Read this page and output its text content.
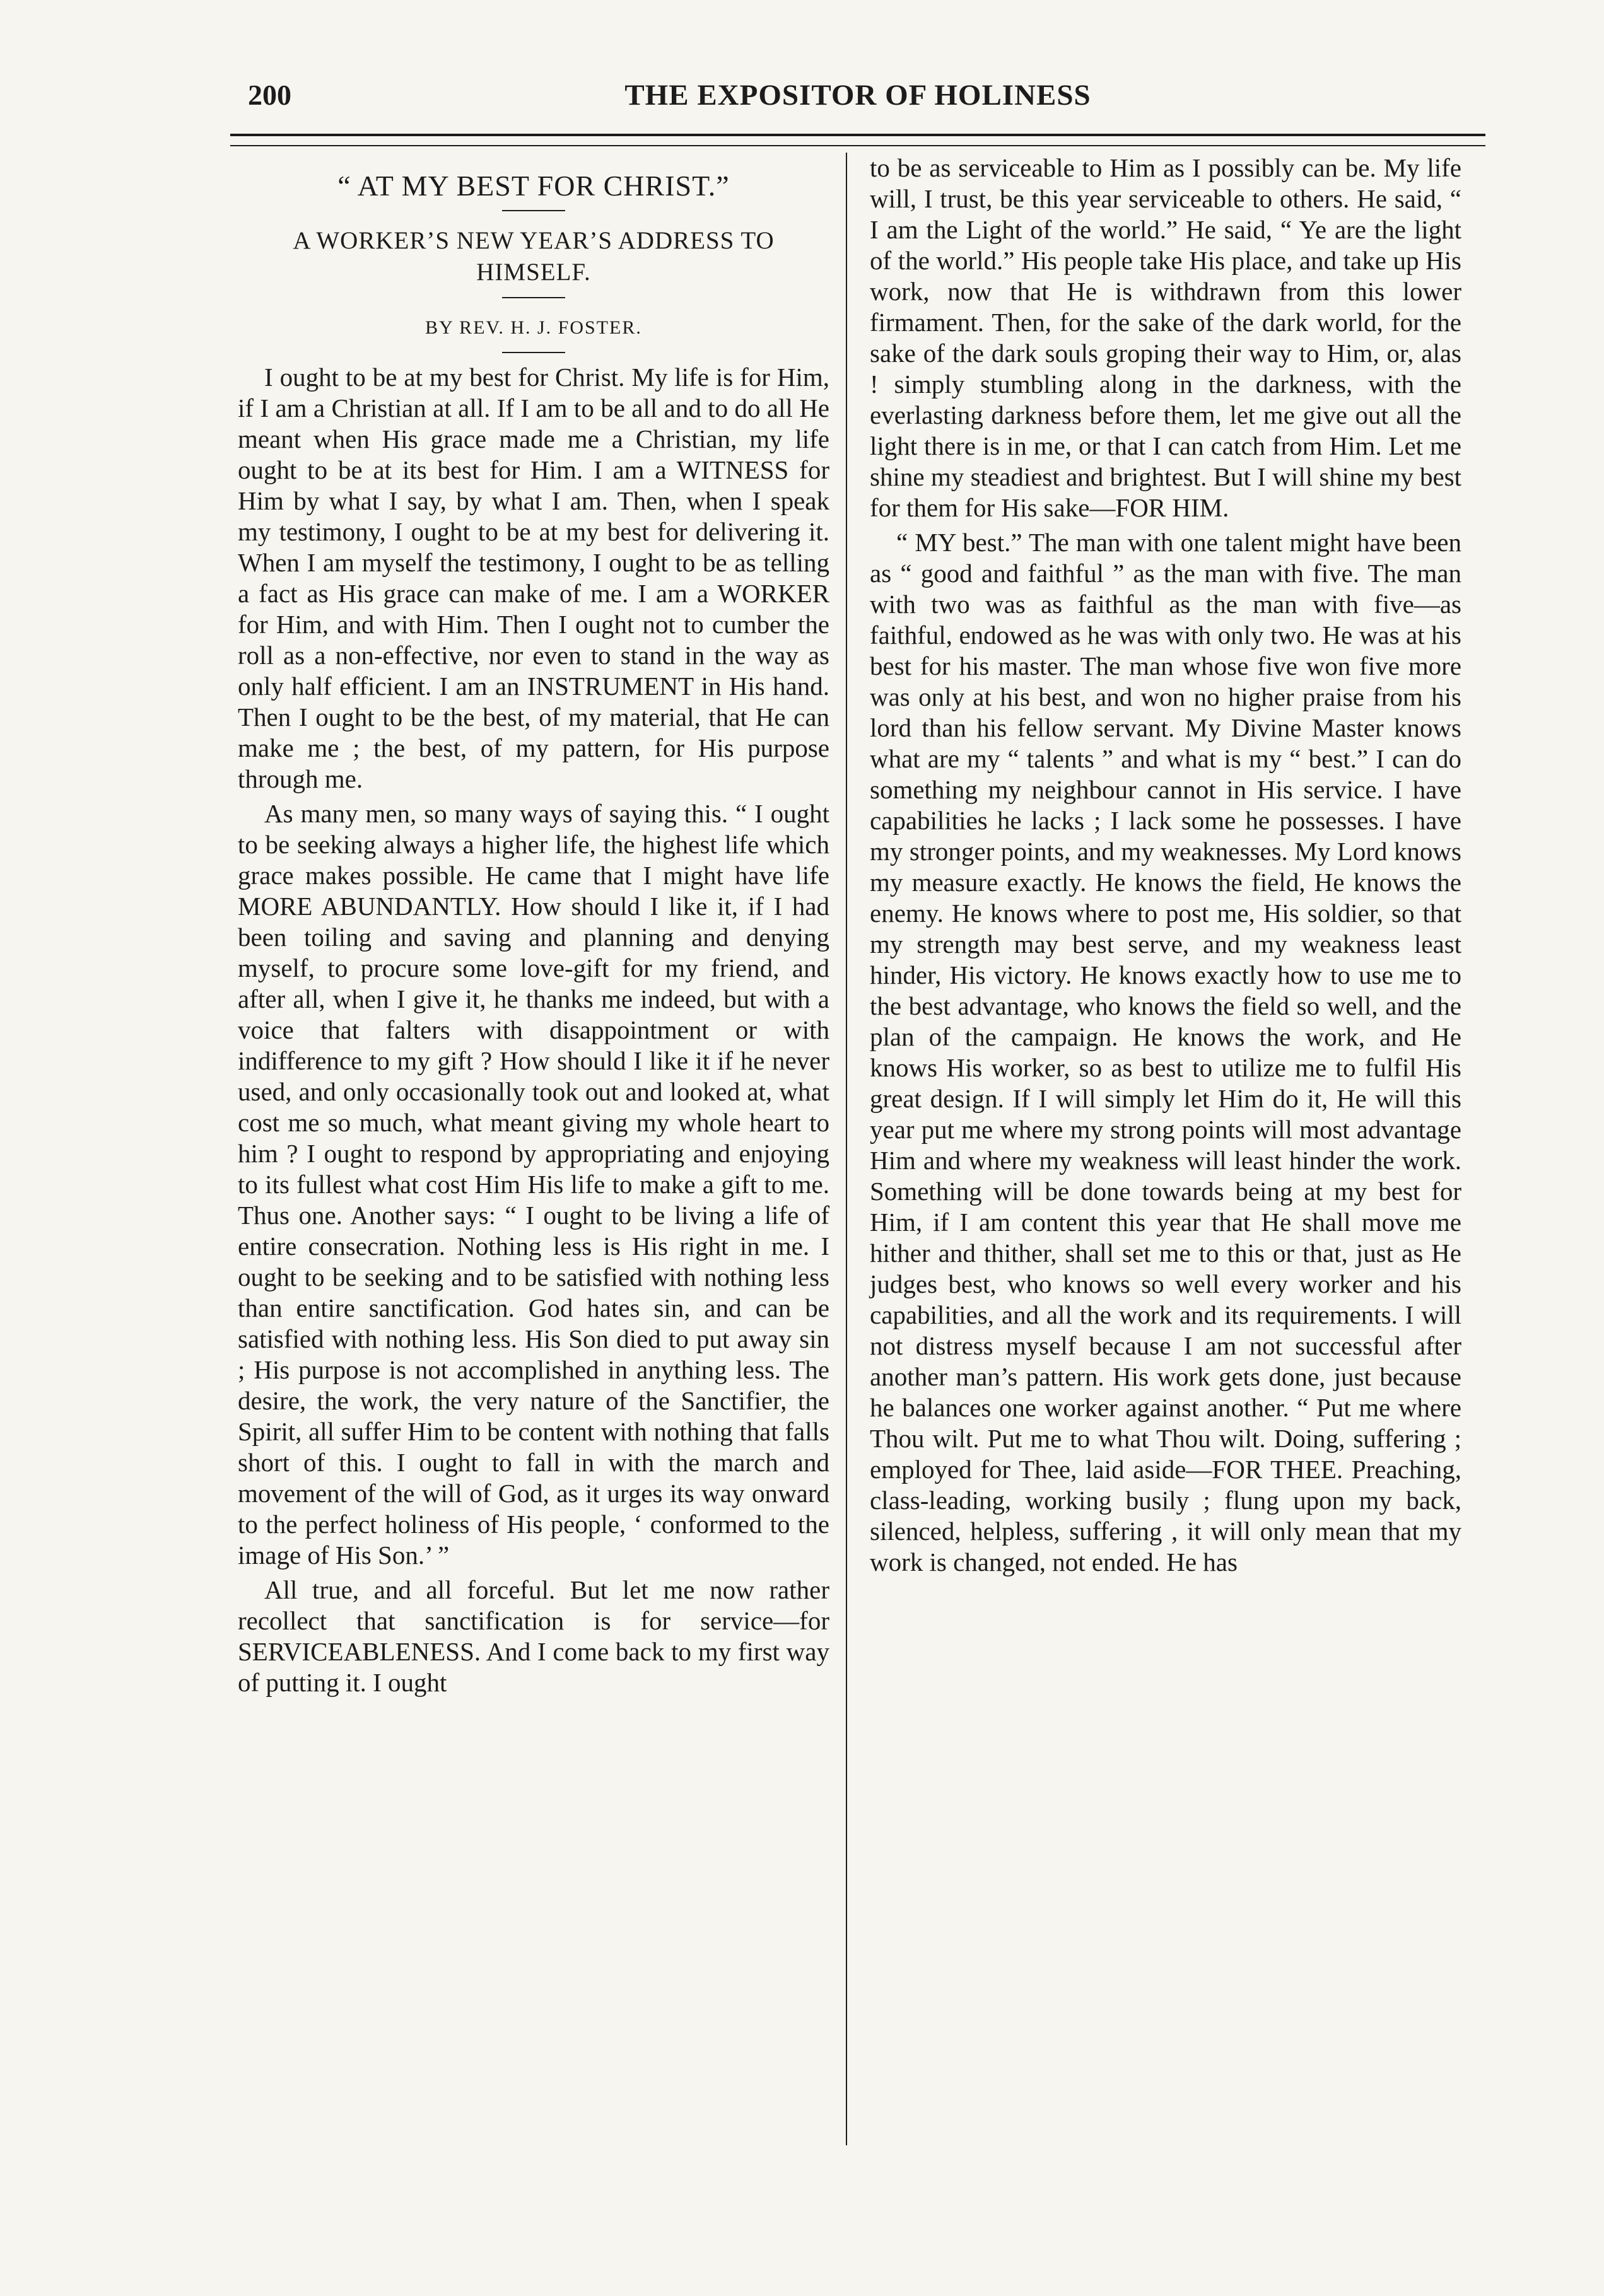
200	THE EXPOSITOR OF HOLINESS
“ AT MY BEST FOR CHRIST.”
A WORKER’S NEW YEAR’S ADDRESS TO HIMSELF.
BY REV. H. J. FOSTER.

I ought to be at my best for Christ. My life is for Him, if I am a Christian at all. If I am to be all and to do all He meant when His grace made me a Christian, my life ought to be at its best for Him. I am a WITNESS for Him by what I say, by what I am. Then, when I speak my testimony, I ought to be at my best for delivering it. When I am myself the testimony, I ought to be as telling a fact as His grace can make of me. I am a WORKER for Him, and with Him. Then I ought not to cumber the roll as a non-effective, nor even to stand in the way as only half efficient. I am an INSTRUMENT in His hand. Then I ought to be the best, of my material, that He can make me ; the best, of my pattern, for His purpose through me.

As many men, so many ways of saying this. “ I ought to be seeking always a higher life, the highest life which grace makes possible. He came that I might have life MORE ABUNDANTLY. How should I like it, if I had been toiling and saving and planning and denying myself, to procure some love-gift for my friend, and after all, when I give it, he thanks me indeed, but with a voice that falters with disappointment or with indifference to my gift ? How should I like it if he never used, and only occasionally took out and looked at, what cost me so much, what meant giving my whole heart to him ? I ought to respond by appropriating and enjoying to its fullest what cost Him His life to make a gift to me. Thus one. Another says: “ I ought to be living a life of entire consecration. Nothing less is His right in me. I ought to be seeking and to be satisfied with nothing less than entire sanctification. God hates sin, and can be satisfied with nothing less. His Son died to put away sin ; His purpose is not accomplished in anything less. The desire, the work, the very nature of the Sanctifier, the Spirit, all suffer Him to be content with nothing that falls short of this. I ought to fall in with the march and movement of the will of God, as it urges its way onward to the perfect holiness of His people, ‘ conformed to the image of His Son.’ ”

All true, and all forceful. But let me now rather recollect that sanctification is for service—for SERVICEABLENESS. And I come back to my first way of putting it. I ought

to be as serviceable to Him as I possibly can be. My life will, I trust, be this year serviceable to others. He said, “ I am the Light of the world.” He said, “ Ye are the light of the world.” His people take His place, and take up His work, now that He is withdrawn from this lower firmament. Then, for the sake of the dark world, for the sake of the dark souls groping their way to Him, or, alas ! simply stumbling along in the darkness, with the everlasting darkness before them, let me give out all the light there is in me, or that I can catch from Him. Let me shine my steadiest and brightest. But I will shine my best for them for His sake—FOR HIM.

“ MY best.” The man with one talent might have been as “ good and faithful ” as the man with five. The man with two was as faithful as the man with five—as faithful, endowed as he was with only two. He was at his best for his master. The man whose five won five more was only at his best, and won no higher praise from his lord than his fellow servant. My Divine Master knows what are my “ talents ” and what is my “ best.” I can do something my neighbour cannot in His service. I have capabilities he lacks ; I lack some he possesses. I have my stronger points, and my weaknesses. My Lord knows my measure exactly. He knows the field, He knows the enemy. He knows where to post me, His soldier, so that my strength may best serve, and my weakness least hinder, His victory. He knows exactly how to use me to the best advantage, who knows the field so well, and the plan of the campaign. He knows the work, and He knows His worker, so as best to utilize me to fulfil His great design. If I will simply let Him do it, He will this year put me where my strong points will most advantage Him and where my weakness will least hinder the work. Something will be done towards being at my best for Him, if I am content this year that He shall move me hither and thither, shall set me to this or that, just as He judges best, who knows so well every worker and his capabilities, and all the work and its requirements. I will not distress myself because I am not successful after another man’s pattern. His work gets done, just because he balances one worker against another. “ Put me where Thou wilt. Put me to what Thou wilt. Doing, suffering ; employed for Thee, laid aside—FOR THEE. Preaching, class-leading, working busily ; flung upon my back, silenced, helpless, suffering , it will only mean that my work is changed, not ended. He has
